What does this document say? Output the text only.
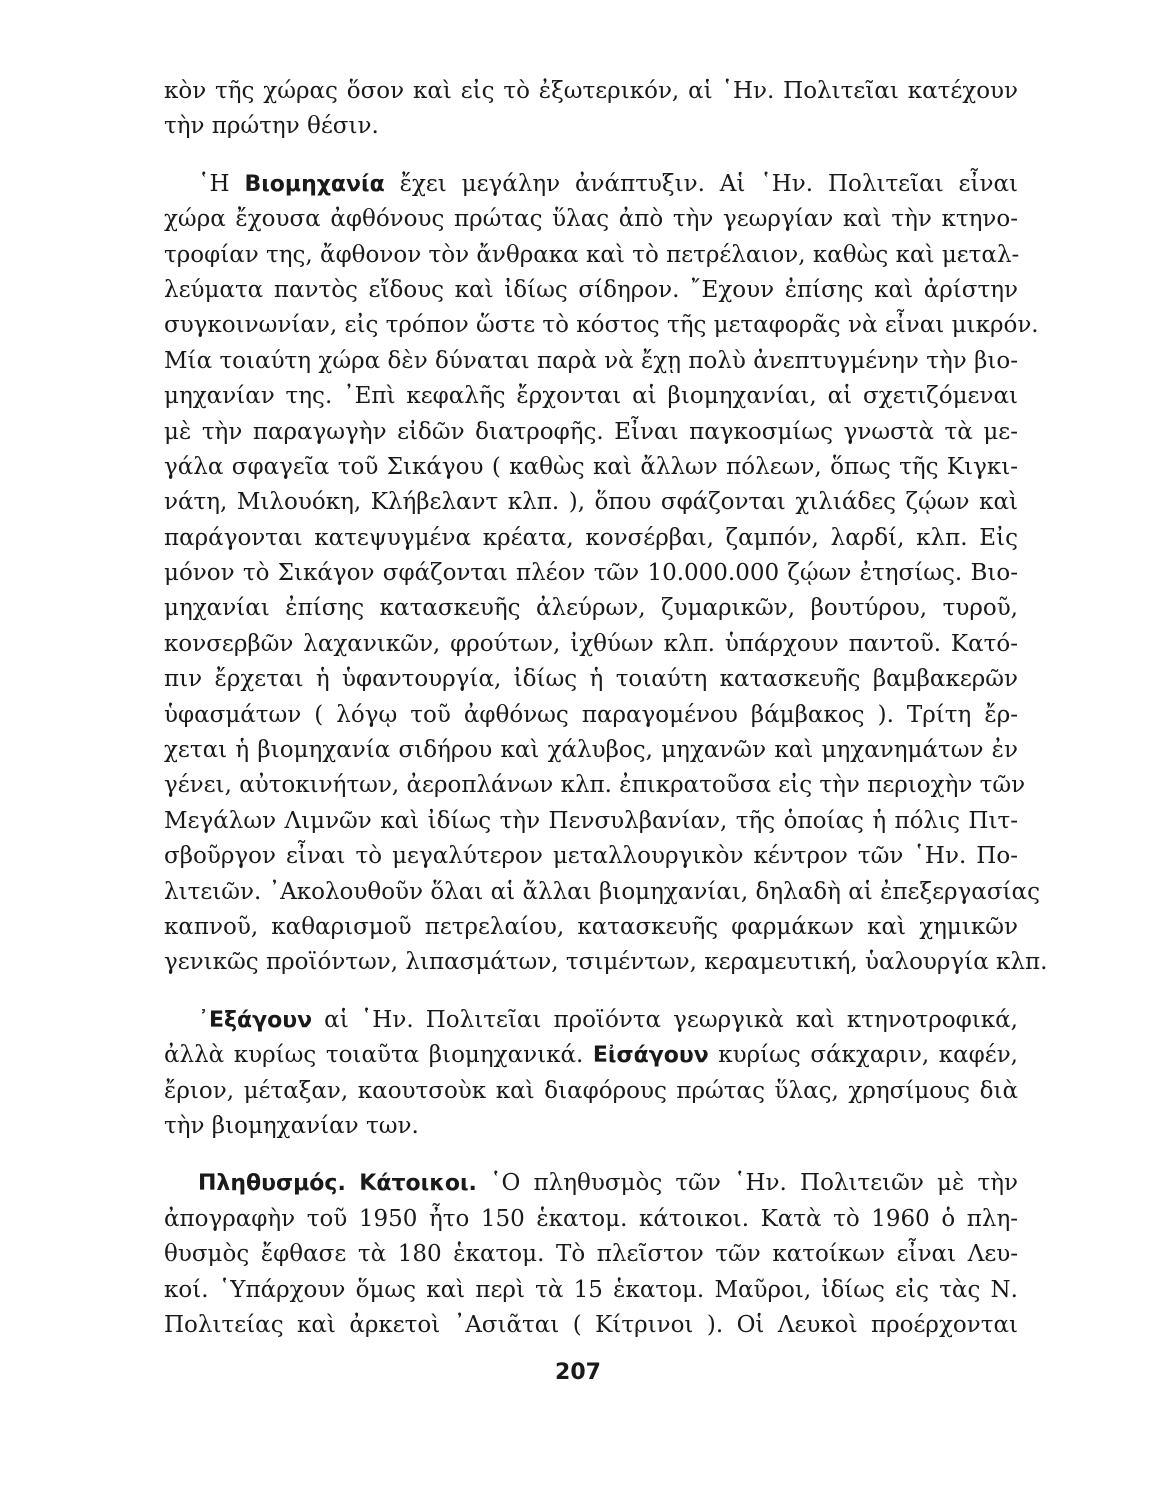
κὸν τῆς χώρας ὅσον καὶ εἰς τὸ ἐξωτερικόν, αἱ ῾Ην. Πολιτεῖαι κατέχουν
τὴν πρώτην θέσιν.
῾Η Βιομηχανία ἔχει μεγάλην ἀνάπτυξιν. Αἱ ῾Ην. Πολιτεῖαι εἶναι
χώρα ἔχουσα ἀφθόνους πρώτας ὕλας ἀπὸ τὴν γεωργίαν καὶ τὴν κτηνο-
τροφίαν της, ἄφθονον τὸν ἄνθρακα καὶ τὸ πετρέλαιον, καθὼς καὶ μεταλ-
λεύματα παντὸς εἴδους καὶ ἰδίως σίδηρον. ῎Εχουν ἐπίσης καὶ ἀρίστην
συγκοινωνίαν, εἰς τρόπον ὥστε τὸ κόστος τῆς μεταφορᾶς νὰ εἶναι μικρόν.
Μία τοιαύτη χώρα δὲν δύναται παρὰ νὰ ἔχῃ πολὺ ἀνεπτυγμένην τὴν βιο-
μηχανίαν της. ᾿Επὶ κεφαλῆς ἔρχονται αἱ βιομηχανίαι, αἱ σχετιζόμεναι
μὲ τὴν παραγωγὴν εἰδῶν διατροφῆς. Εἶναι παγκοσμίως γνωστὰ τὰ με-
γάλα σφαγεῖα τοῦ Σικάγου ( καθὼς καὶ ἄλλων πόλεων, ὅπως τῆς Κιγκι-
νάτη, Μιλουόκη, Κλήβελαντ κλπ. ), ὅπου σφάζονται χιλιάδες ζῴων καὶ
παράγονται κατεψυγμένα κρέατα, κονσέρβαι, ζαμπόν, λαρδί, κλπ. Εἰς
μόνον τὸ Σικάγον σφάζονται πλέον τῶν 10.000.000 ζῴων ἐτησίως. Βιο-
μηχανίαι ἐπίσης κατασκευῆς ἀλεύρων, ζυμαρικῶν, βουτύρου, τυροῦ,
κονσερβῶν λαχανικῶν, φρούτων, ἰχθύων κλπ. ὑπάρχουν παντοῦ. Κατό-
πιν ἔρχεται ἡ ὑφαντουργία, ἰδίως ἡ τοιαύτη κατασκευῆς βαμβακερῶν
ὑφασμάτων ( λόγῳ τοῦ ἀφθόνως παραγομένου βάμβακος ). Τρίτη ἔρ-
χεται ἡ βιομηχανία σιδήρου καὶ χάλυβος, μηχανῶν καὶ μηχανημάτων ἐν
γένει, αὐτοκινήτων, ἀεροπλάνων κλπ. ἐπικρατοῦσα εἰς τὴν περιοχὴν τῶν
Μεγάλων Λιμνῶν καὶ ἰδίως τὴν Πενσυλβανίαν, τῆς ὁποίας ἡ πόλις Πιτ-
σβοῦργον εἶναι τὸ μεγαλύτερον μεταλλουργικὸν κέντρον τῶν ῾Ην. Πο-
λιτειῶν. ᾿Ακολουθοῦν ὅλαι αἱ ἄλλαι βιομηχανίαι, δηλαδὴ αἱ ἐπεξεργασίας
καπνοῦ, καθαρισμοῦ πετρελαίου, κατασκευῆς φαρμάκων καὶ χημικῶν
γενικῶς προϊόντων, λιπασμάτων, τσιμέντων, κεραμευτική, ὑαλουργία κλπ.
᾿Εξάγουν αἱ ῾Ην. Πολιτεῖαι προϊόντα γεωργικὰ καὶ κτηνοτροφικά,
ἀλλὰ κυρίως τοιαῦτα βιομηχανικά. Εἰσάγουν κυρίως σάκχαριν, καφέν,
ἔριον, μέταξαν, καουτσοὺκ καὶ διαφόρους πρώτας ὕλας, χρησίμους διὰ
τὴν βιομηχανίαν των.
Πληθυσμός. Κάτοικοι. ῾Ο πληθυσμὸς τῶν ῾Ην. Πολιτειῶν μὲ τὴν
ἀπογραφὴν τοῦ 1950 ἦτο 150 ἑκατομ. κάτοικοι. Κατὰ τὸ 1960 ὁ πλη-
θυσμὸς ἔφθασε τὰ 180 ἑκατομ. Τὸ πλεῖστον τῶν κατοίκων εἶναι Λευ-
κοί. ῾Υπάρχουν ὅμως καὶ περὶ τὰ 15 ἑκατομ. Μαῦροι, ἰδίως εἰς τὰς Ν.
Πολιτείας καὶ ἀρκετοὶ ᾿Ασιᾶται ( Κίτρινοι ). Οἱ Λευκοὶ προέρχονται
207
